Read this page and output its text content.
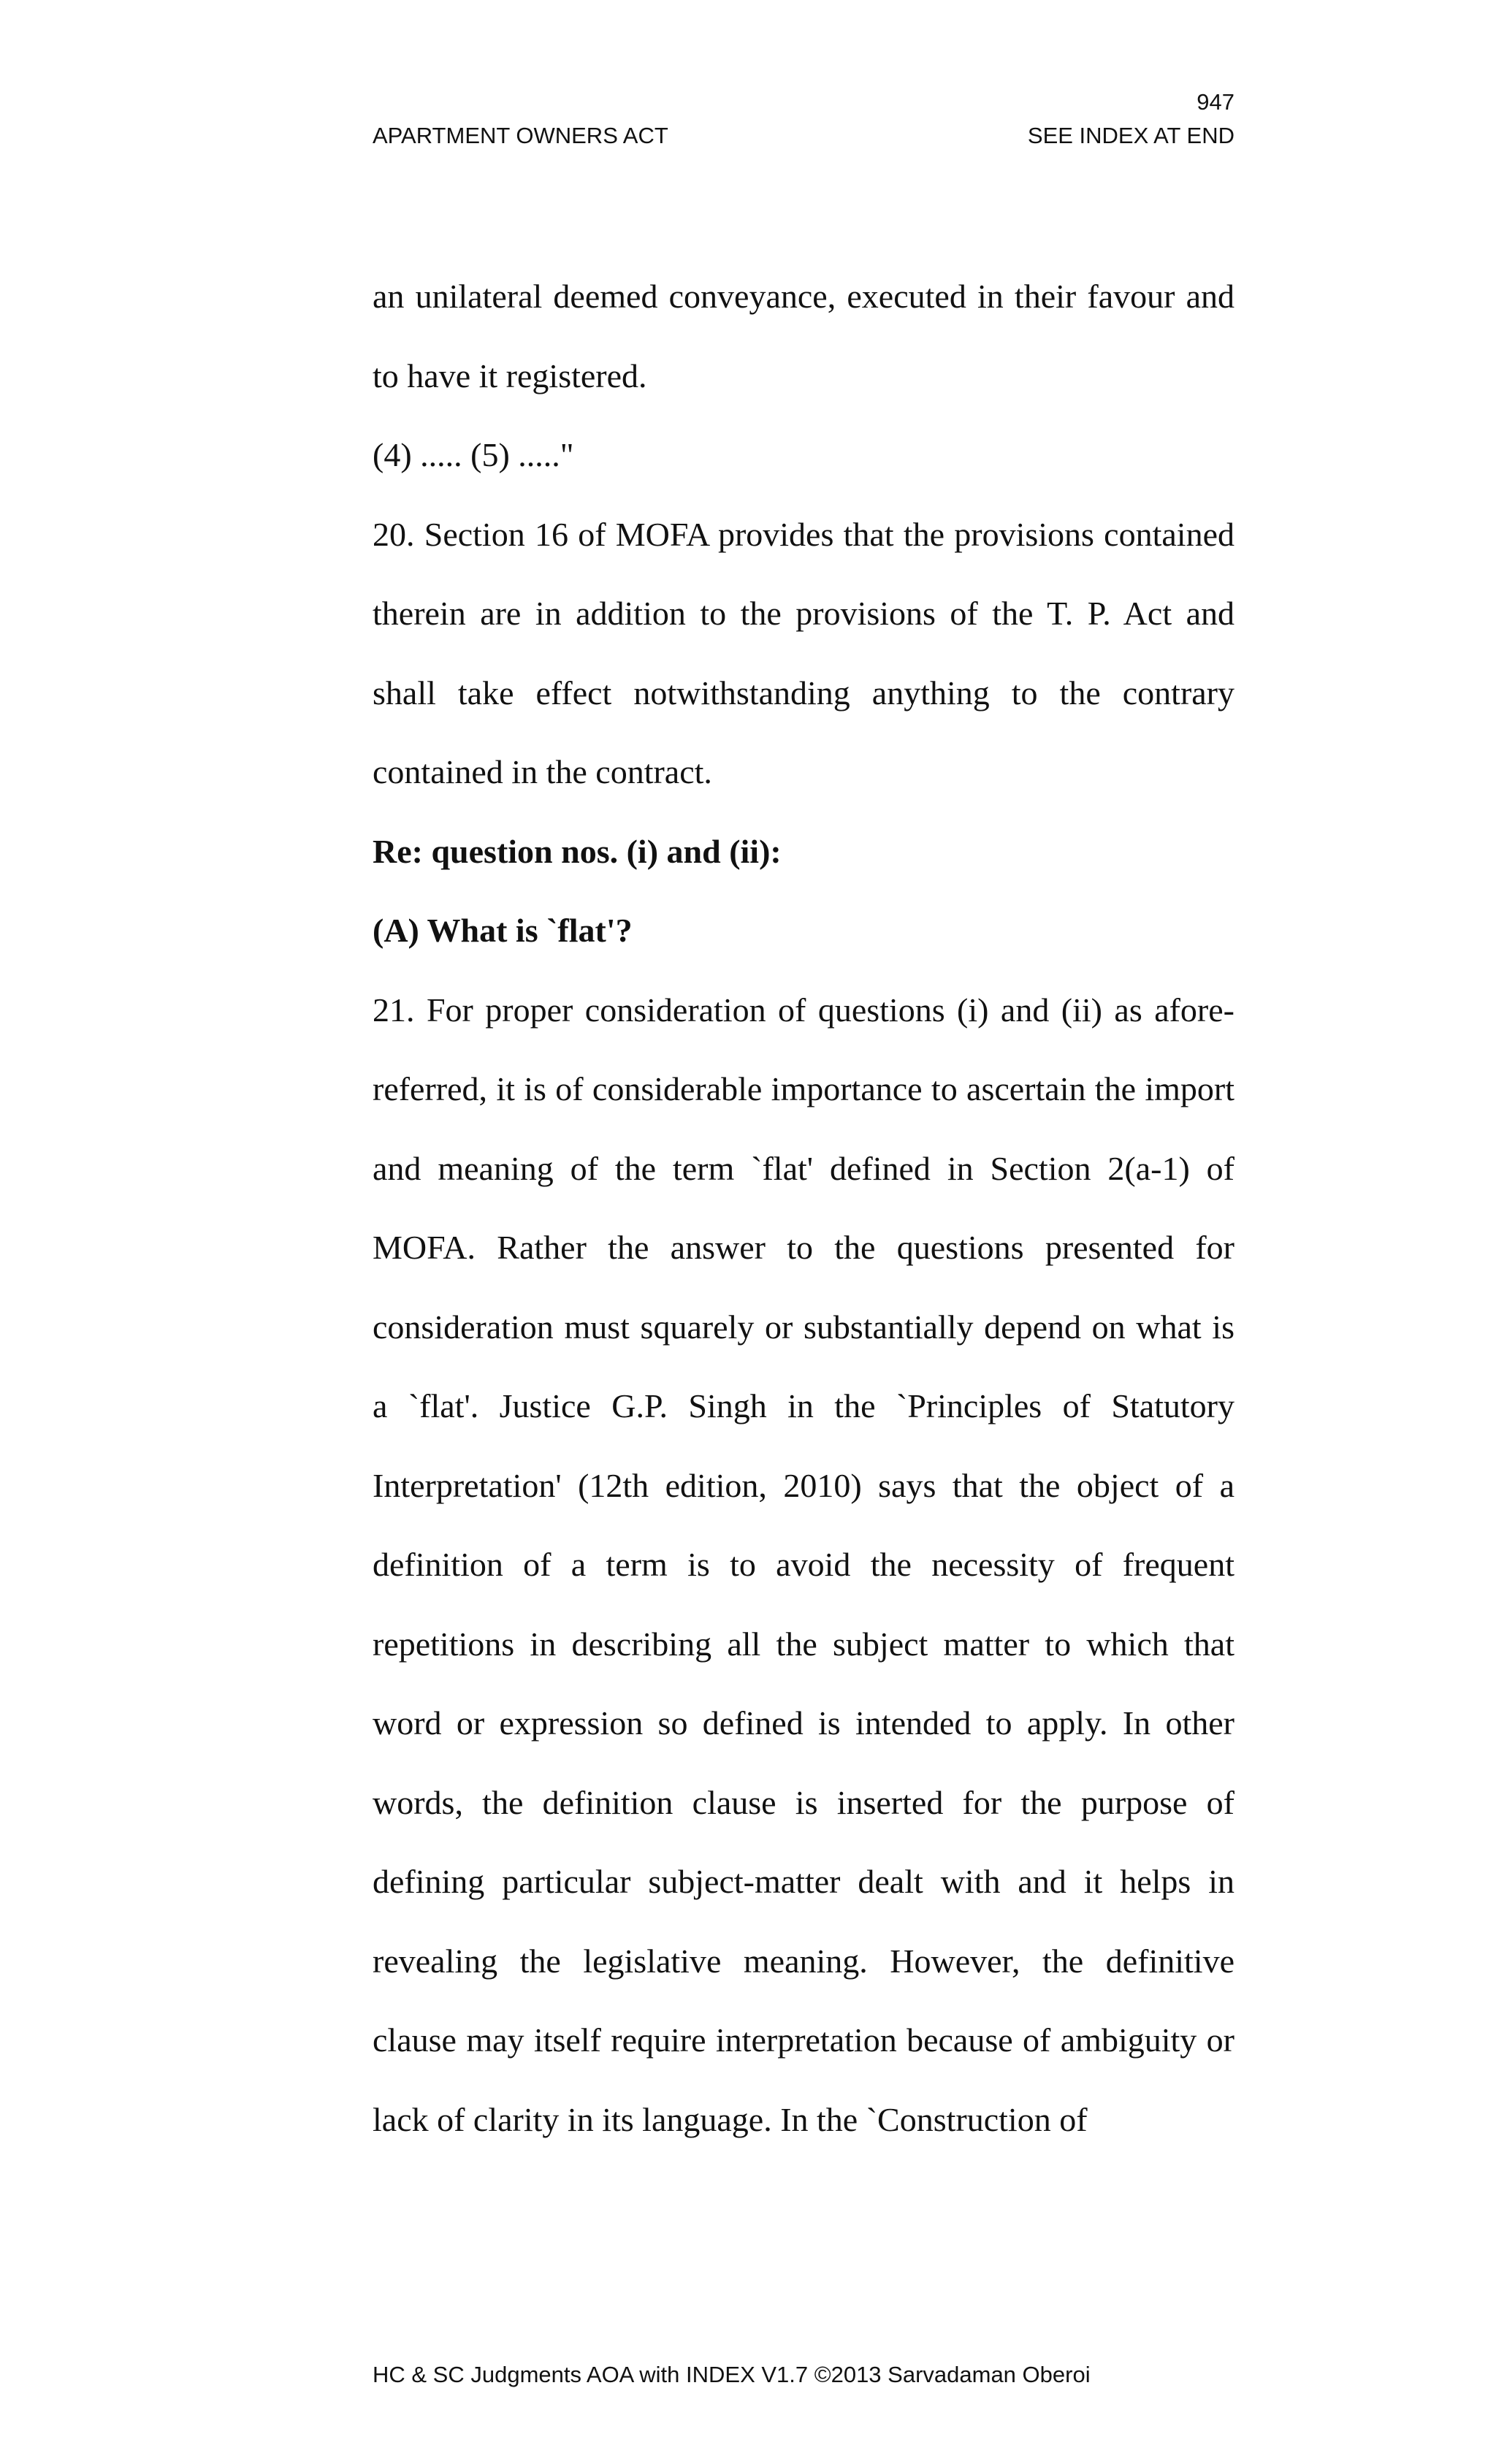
947
APARTMENT OWNERS ACT	SEE INDEX AT END

an unilateral deemed conveyance, executed in their favour and to have it registered.

(4) ..... (5) ....."

20. Section 16 of MOFA provides that the provisions contained therein are in addition to the provisions of the T. P. Act and shall take effect notwithstanding anything to the contrary contained in the contract.

Re: question nos. (i) and (ii):

(A) What is `flat'?

21. For proper consideration of questions (i) and (ii) as afore-referred, it is of considerable importance to ascertain the import and meaning of the term `flat' defined in Section 2(a-1) of MOFA. Rather the answer to the questions presented for consideration must squarely or substantially depend on what is a `flat'. Justice G.P. Singh in the `Principles of Statutory Interpretation' (12th edition, 2010) says that the object of a definition of a term is to avoid the necessity of frequent repetitions in describing all the subject matter to which that word or expression so defined is intended to apply. In other words, the definition clause is inserted for the purpose of defining particular subject-matter dealt with and it helps in revealing the legislative meaning. However, the definitive clause may itself require interpretation because of ambiguity or lack of clarity in its language. In the `Construction of

HC & SC Judgments AOA with INDEX V1.7 ©2013 Sarvadaman Oberoi
